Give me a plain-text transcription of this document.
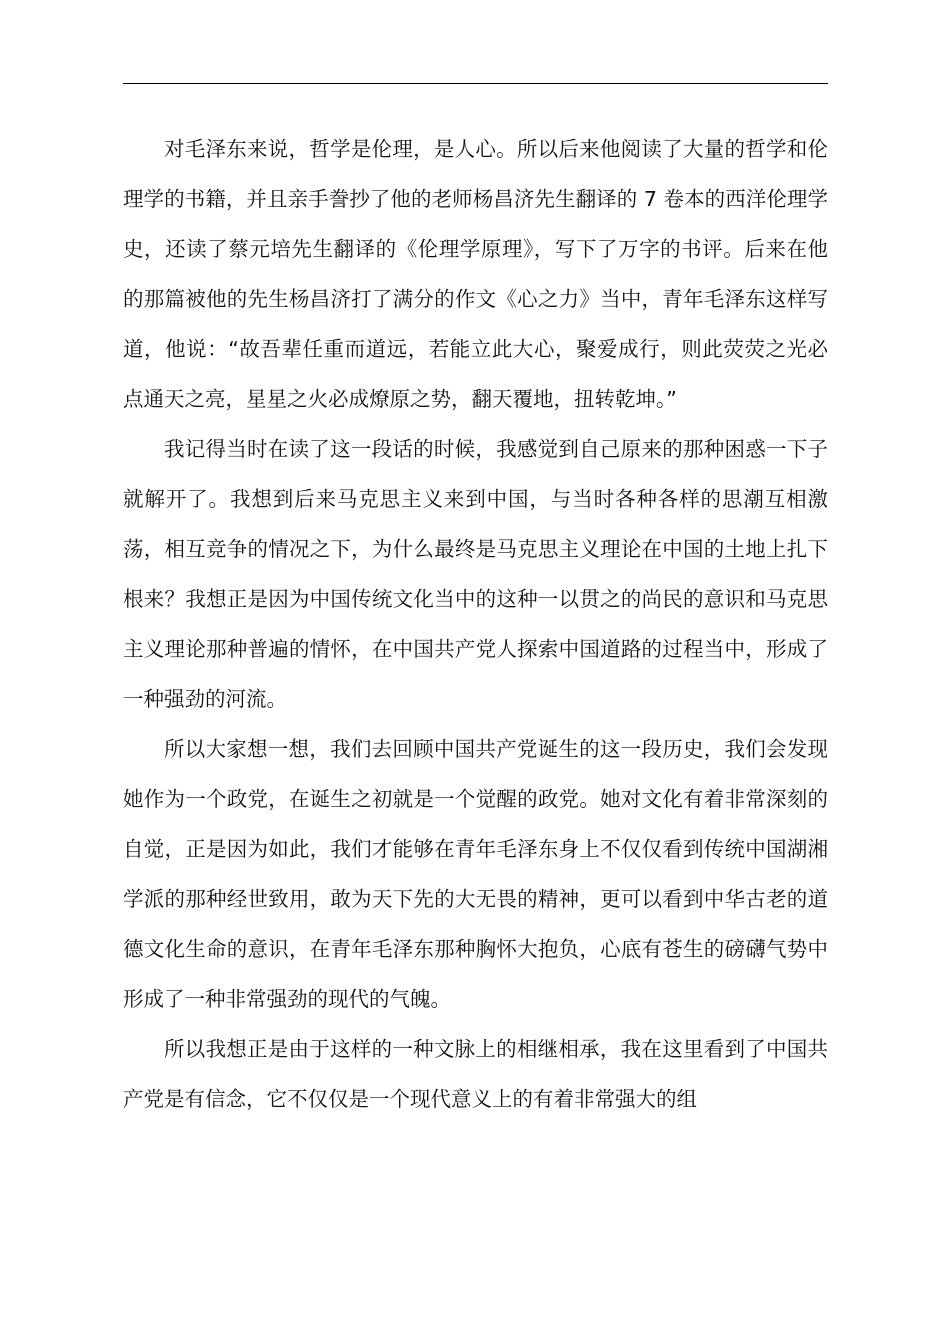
对毛泽东来说，哲学是伦理，是人心。所以后来他阅读了大量的哲学和伦理学的书籍，并且亲手誊抄了他的老师杨昌济先生翻译的 7 卷本的西洋伦理学史，还读了蔡元培先生翻译的《伦理学原理》，写下了万字的书评。后来在他的那篇被他的先生杨昌济打了满分的作文《心之力》当中，青年毛泽东这样写道，他说：“故吾辈任重而道远，若能立此大心，聚爱成行，则此荧荧之光必点通天之亮，星星之火必成燎原之势，翻天覆地，扭转乾坤。”

我记得当时在读了这一段话的时候，我感觉到自己原来的那种困惑一下子就解开了。我想到后来马克思主义来到中国，与当时各种各样的思潮互相激荡，相互竞争的情况之下，为什么最终是马克思主义理论在中国的土地上扎下根来？我想正是因为中国传统文化当中的这种一以贯之的尚民的意识和马克思主义理论那种普遍的情怀，在中国共产党人探索中国道路的过程当中，形成了一种强劲的河流。

所以大家想一想，我们去回顾中国共产党诞生的这一段历史，我们会发现她作为一个政党，在诞生之初就是一个觉醒的政党。她对文化有着非常深刻的自觉，正是因为如此，我们才能够在青年毛泽东身上不仅仅看到传统中国湖湘学派的那种经世致用，敢为天下先的大无畏的精神，更可以看到中华古老的道德文化生命的意识，在青年毛泽东那种胸怀大抱负，心底有苍生的磅礴气势中形成了一种非常强劲的现代的气魄。

所以我想正是由于这样的一种文脉上的相继相承，我在这里看到了中国共产党是有信念，它不仅仅是一个现代意义上的有着非常强大的组
